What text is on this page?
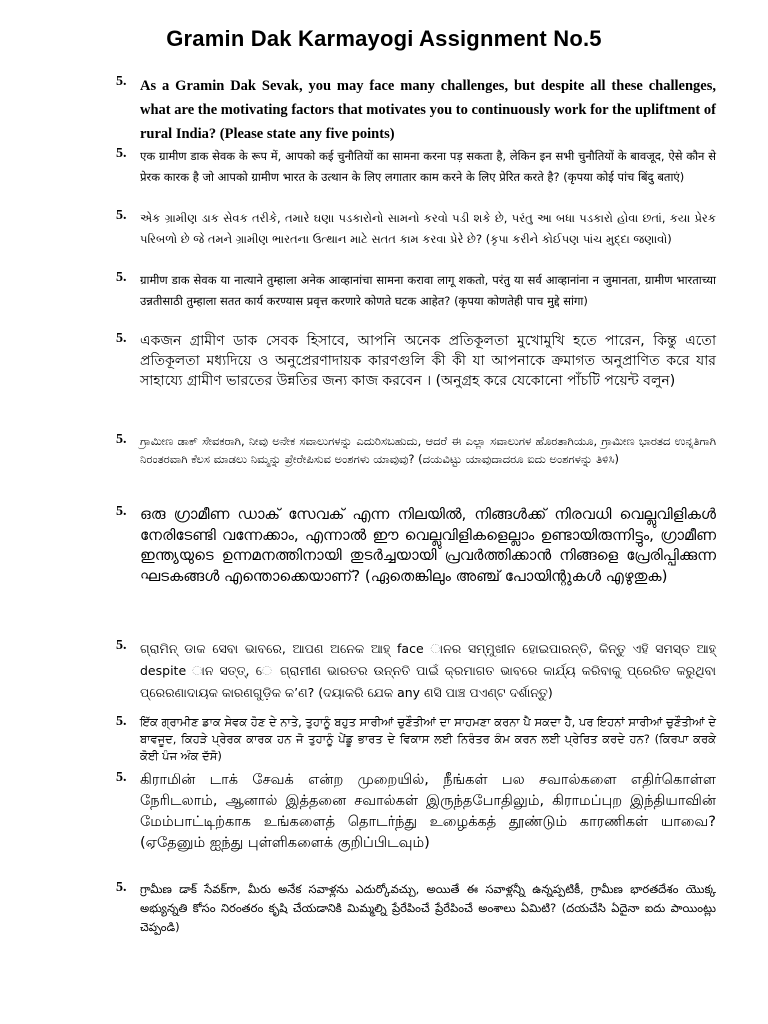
Gramin Dak Karmayogi Assignment No.5
5. As a Gramin Dak Sevak, you may face many challenges, but despite all these challenges, what are the motivating factors that motivates you to continuously work for the upliftment of rural India? (Please state any five points)
5. एक ग्रामीण डाक सेवक के रूप में, आपको कई चुनौतियों का सामना करना पड़ सकता है, लेकिन इन सभी चुनौतियों के बावजूद, ऐसे कौन से प्रेरक कारक है जो आपको ग्रामीण भारत के उत्थान के लिए लगातार काम करने के लिए प्रेरित करते है? (कृपया कोई पांच बिंदु बताएं)
5. એક ગ્રામીણ ડાક સેવક તરીકે, તમારે ઘણા પડકારોનો સામનો કરવો પડી શકે છે, પરંતુ આ બધા પડકારો હોવા છતાં, કયા પ્રેરક પરિબળો છે જે તમને ગ્રામીણ ભારતના ઉત્થાન માટે સતત કામ કરવા પ્રેરે છે? (કૃપા કરીને કોઈપણ પાંચ મુદ્દા જણાવો)
5. ग्रामीण डाक सेवक या नात्याने तुम्हाला अनेक आव्हानांचा सामना करावा लागू शकतो, परंतु या सर्व आव्हानांना न जुमानता, ग्रामीण भारताच्या उन्नतीसाठी तुम्हाला सतत कार्य करण्यास प्रवृत्त करणारे कोणते घटक आहेत? (कृपया कोणतेही पाच मुद्दे सांगा)
5. একজন গ্রামীণ ডাক সেবক হিসাবে, আপনি অনেক প্রতিকূলতা মুখোমুখি হতে পারেন, কিন্তু এতো প্রতিকূলতা মধ্যদিয়ে ও অনুপ্রেরণাদায়ক কারণগুলি কী কী যা আপনাকে ক্রমাগত অনুপ্রাণিত করে যার সাহায্যে গ্রামীণ ভারতের উন্নতির জন্য কাজ করবেন । (অনুগ্রহ করে যেকোনো পাঁচটি পয়েন্ট বলুন)
5. ಗ್ರಾಮೀಣ ಡಾಕ್ ಸೇವಕರಾಗಿ, ನೀವು ಅನೇಕ ಸವಾಲುಗಳನ್ನು ಎದುರಿಸಬಹುದು, ಆದರೆ ಈ ಎಲ್ಲಾ ಸವಾಲುಗಳ ಹೊರತಾಗಿಯೂ, ಗ್ರಾಮೀಣ ಭಾರತದ ಉನ್ನತಿಗಾಗಿ ನಿರಂತರವಾಗಿ ಕೆಲಸ ಮಾಡಲು ನಿಮ್ಮನ್ನು ಪ್ರೇರೇಪಿಸುವ ಅಂಶಗಳು ಯಾವುವು? (ದಯವಿಟ್ಟು ಯಾವುದಾದರೂ ಐದು ಅಂಶಗಳನ್ನು ತಿಳಿಸಿ)
5. ഒരു ഗ്രാമീണ ഡാക് സേവക് എന്ന നിലയിൽ, നിങ്ങൾക്ക് നിരവധി വെല്ലുവിളികൾ നേരിടേണ്ടി വന്നേക്കാം, എന്നാൽ ഈ വെല്ലുവിളികളെല്ലാം ഉണ്ടായിരുന്നിട്ടും, ഗ്രാമീണ ഇന്ത്യയുടെ ഉന്നമനത്തിനായി തുടർച്ചയായി പ്രവർത്തിക്കാൻ നിങ്ങളെ പ്രേരിപ്പിക്കുന്ന ഘടകങ്ങൾ എന്തൊക്കെയാണ്? (ഏതെങ്കിലും അഞ്ച് പോയിന്റുകൾ എഴുതുക)
5. ଗ୍ରାମିନ୍ ଡାକ ସେବା ଭାବରେ, ଆପଣ ଅନେକ ଆହ୍ face ାନର ସମ୍ମୁଖୀନ ହୋଇପାରନ୍ତି, କିନ୍ତୁ ଏହି ସମସ୍ତ ଆହ୍ despite ାନ ସତ୍ତ୍, େ ଗ୍ରାମୀଣ ଭାରତର ଉନ୍ନତି ପାଇଁ କ୍ରମାଗତ ଭାବରେ କାର୍ଯ୍ୟ କରିବାକୁ ପ୍ରେରିତ କରୁଥିବା ପ୍ରେରଣାଦାୟକ କାରଣଗୁଡ଼ିକ କ’ଣ? (ଦୟାକରି ଯେକ any ଣସି ପାଞ୍ଚ ପଏଣ୍ଟ ଦର୍ଶାନ୍ତୁ)
5. ਇੱਕ ਗ੍ਰਾਮੀਣ ਡਾਕ ਸੇਵਕ ਹੋਣ ਦੇ ਨਾਤੇ, ਤੁਹਾਨੂੰ ਬਹੁਤ ਸਾਰੀਆਂ ਚੁਣੌਤੀਆਂ ਦਾ ਸਾਹਮਣਾ ਕਰਨਾ ਪੈ ਸਕਦਾ ਹੈ, ਪਰ ਇਹਨਾਂ ਸਾਰੀਆਂ ਚੁਣੌਤੀਆਂ ਦੇ ਬਾਵਜੂਦ, ਕਿਹੜੇ ਪ੍ਰੇਰਕ ਕਾਰਕ ਹਨ ਜੋ ਤੁਹਾਨੂੰ ਪੇਂਡੂ ਭਾਰਤ ਦੇ ਵਿਕਾਸ ਲਈ ਨਿਰੰਤਰ ਕੰਮ ਕਰਨ ਲਈ ਪ੍ਰੇਰਿਤ ਕਰਦੇ ਹਨ? (ਕਿਰਪਾ ਕਰਕੇ ਕੋਈ ਪੰਜ ਅੰਕ ਦੱਸੋ)
5. கிராமின் டாக் சேவக் என்ற முறையில், நீங்கள் பல சவால்களை எதிர்கொள்ள நேரிடலாம், ஆனால் இத்தனை சவால்கள் இருந்தபோதிலும், கிராமப்புற இந்தியாவின் மேம்பாட்டிற்காக உங்களைத் தொடர்ந்து உழைக்கத் தூண்டும் காரணிகள் யாவை? (ஏதேனும் ஐந்து புள்ளிகளைக் குறிப்பிடவும்)
5. గ్రామీణ డాక్ సేవక్‌గా, మీరు అనేక సవాళ్లను ఎదుర్కోవచ్చు, అయితే ఈ సవాళ్లన్నీ ఉన్నప్పటికీ, గ్రామీణ భారతదేశం యొక్క అభ్యున్నతి కోసం నిరంతరం కృషి చేయడానికి మిమ్మల్ని ప్రేరేపించే ప్రేరేపించే అంశాలు ఏమిటి? (దయచేసి ఏదైనా ఐదు పాయింట్లు చెప్పండి)
